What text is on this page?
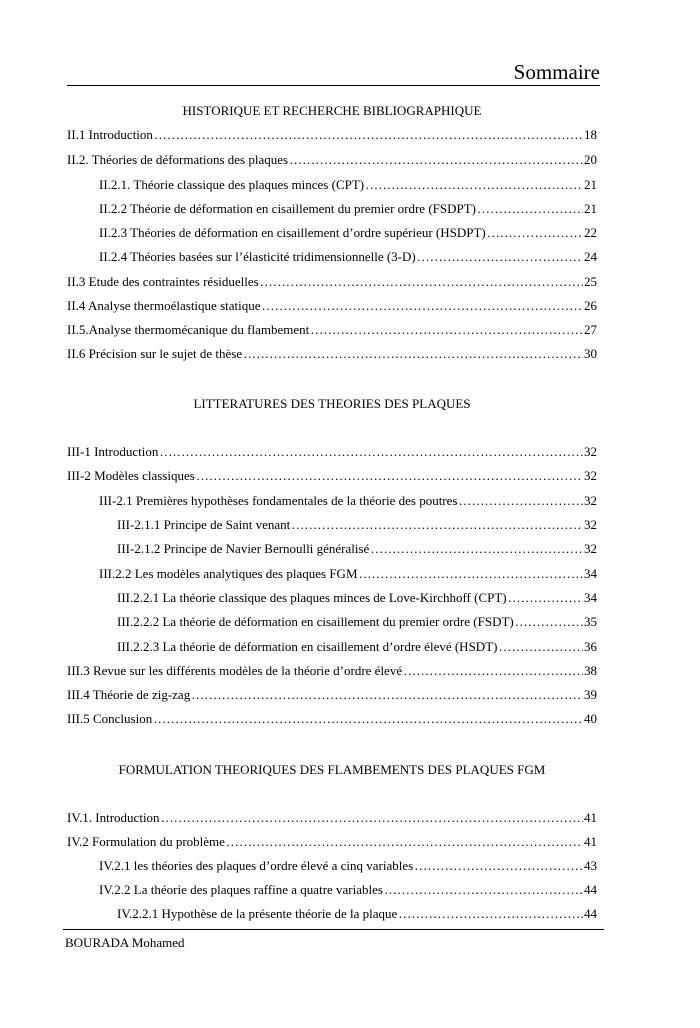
Sommaire
HISTORIQUE ET RECHERCHE BIBLIOGRAPHIQUE
II.1 Introduction ……………………………………………………………………………………………………………………………………………………………………………………………………………………	18
II.2. Théories de déformations des plaques ……………………………………………………………………………………………………………………………………………………………………………………………………………………	20
II.2.1. Théorie classique des plaques minces (CPT) ……………………………………………………………………………………………………………………………………………………………………………………………………………………	21
II.2.2 Théorie de déformation en cisaillement du premier ordre (FSDPT) ……………………………………………………………………………………………………………………………………………………………………………………………………………………	21
II.2.3 Théories de déformation en cisaillement d’ordre supérieur (HSDPT) ……………………………………………………………………………………………………………………………………………………………………………………………………………………	22
II.2.4 Théories basées sur l’élasticité tridimensionnelle (3-D) ……………………………………………………………………………………………………………………………………………………………………………………………………………………	24
II.3 Etude des contraintes résiduelles ……………………………………………………………………………………………………………………………………………………………………………………………………………………	25
II.4 Analyse thermoélastique statique ……………………………………………………………………………………………………………………………………………………………………………………………………………………	26
II.5.Analyse thermomécanique du flambement ……………………………………………………………………………………………………………………………………………………………………………………………………………………	27
II.6 Précision sur le sujet de thèse ……………………………………………………………………………………………………………………………………………………………………………………………………………………	30
LITTERATURES DES THEORIES DES PLAQUES
III-1 Introduction ……………………………………………………………………………………………………………………………………………………………………………………………………………………	32
III-2 Modèles classiques ……………………………………………………………………………………………………………………………………………………………………………………………………………………	32
III-2.1 Premières hypothèses fondamentales de la théorie des poutres ……………………………………………………………………………………………………………………………………………………………………………………………………………………	32
III-2.1.1 Principe de Saint venant ……………………………………………………………………………………………………………………………………………………………………………………………………………………	32
III-2.1.2 Principe de Navier Bernoulli généralisé ……………………………………………………………………………………………………………………………………………………………………………………………………………………	32
III.2.2 Les modèles analytiques des plaques FGM ……………………………………………………………………………………………………………………………………………………………………………………………………………………	34
III.2.2.1 La théorie classique des plaques minces de Love-Kirchhoff (CPT) ……………………………………………………………………………………………………………………………………………………………………………………………………………………	34
III.2.2.2 La théorie de déformation en cisaillement du premier ordre (FSDT) ……………………………………………………………………………………………………………………………………………………………………………………………………………………	35
III.2.2.3 La théorie de déformation en cisaillement d’ordre élevé (HSDT) ……………………………………………………………………………………………………………………………………………………………………………………………………………………	36
III.3 Revue sur les différents modèles de la théorie d’ordre élevé ……………………………………………………………………………………………………………………………………………………………………………………………………………………	38
III.4 Théorie de zig-zag ……………………………………………………………………………………………………………………………………………………………………………………………………………………	39
III.5 Conclusion ……………………………………………………………………………………………………………………………………………………………………………………………………………………	40
FORMULATION THEORIQUES DES FLAMBEMENTS DES PLAQUES FGM
IV.1. Introduction ……………………………………………………………………………………………………………………………………………………………………………………………………………………	41
IV.2 Formulation du problème ……………………………………………………………………………………………………………………………………………………………………………………………………………………	41
IV.2.1 les théories des plaques d’ordre élevé a cinq variables ……………………………………………………………………………………………………………………………………………………………………………………………………………………	43
IV.2.2 La théorie des plaques raffine a quatre variables ……………………………………………………………………………………………………………………………………………………………………………………………………………………	44
IV.2.2.1 Hypothèse de la présente théorie de la plaque ……………………………………………………………………………………………………………………………………………………………………………………………………………………	44
BOURADA Mohamed
